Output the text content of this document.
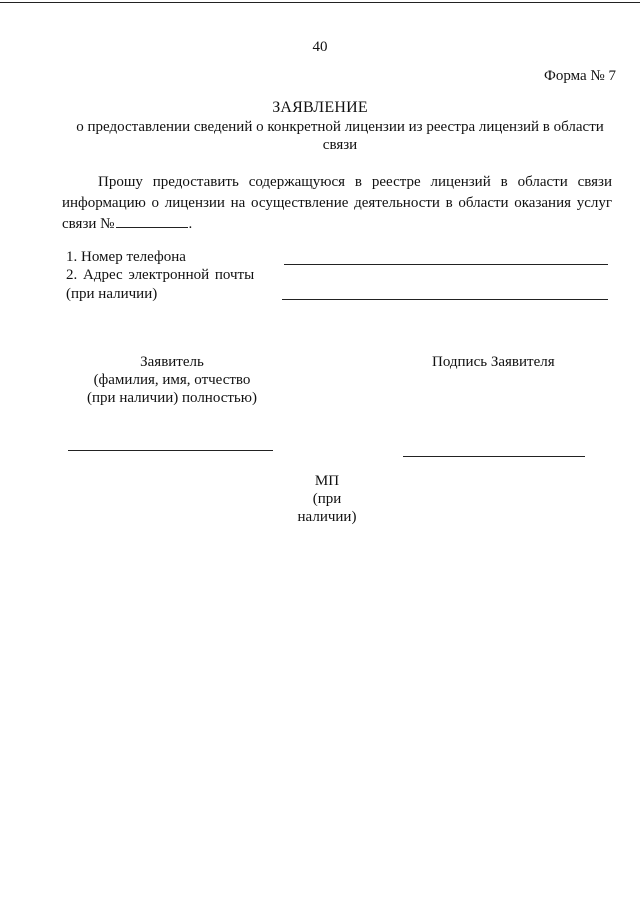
40
Форма № 7
ЗАЯВЛЕНИЕ
о предоставлении сведений о конкретной лицензии из реестра лицензий в области
связи
Прошу предоставить содержащуюся в реестре лицензий в области связи
информацию о лицензии на осуществление деятельности в области оказания услуг
связи №	.
1. Номер телефона
2. Адрес электронной почты
(при наличии)
Заявитель
(фамилия, имя, отчество
(при наличии) полностью)
Подпись Заявителя
МП
(при
наличии)
